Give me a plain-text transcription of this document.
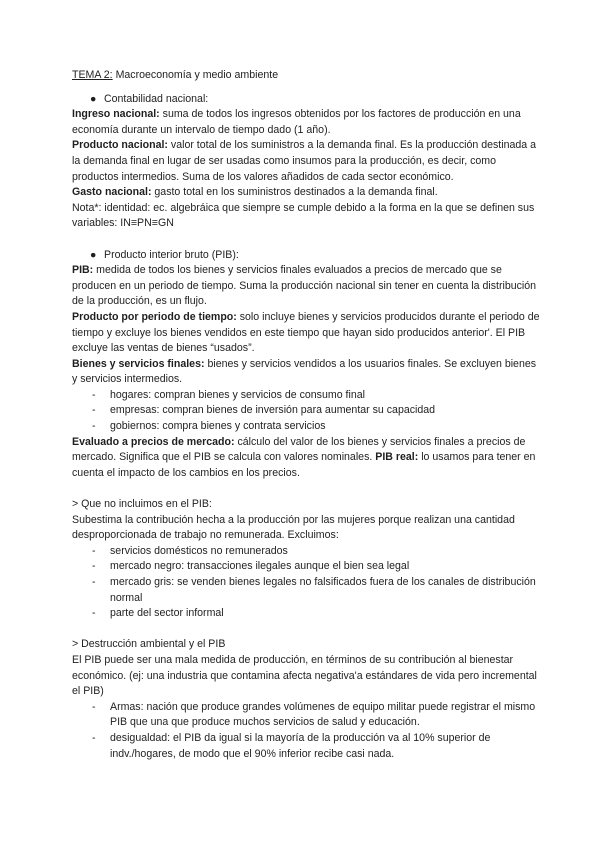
TEMA 2: Macroeconomía y medio ambiente

● Contabilidad nacional:

Ingreso nacional: suma de todos los ingresos obtenidos por los factores de producción en una economía durante un intervalo de tiempo dado (1 año).

Producto nacional: valor total de los suministros a la demanda final. Es la producción destinada a la demanda final en lugar de ser usadas como insumos para la producción, es decir, como productos intermedios. Suma de los valores añadidos de cada sector económico.

Gasto nacional: gasto total en los suministros destinados a la demanda final.

Nota*: identidad: ec. algebráica que siempre se cumple debido a la forma en la que se definen sus variables: IN≡PN≡GN

● Producto interior bruto (PIB):

PIB: medida de todos los bienes y servicios finales evaluados a precios de mercado que se producen en un periodo de tiempo. Suma la producción nacional sin tener en cuenta la distribución de la producción, es un flujo.

Producto por periodo de tiempo: solo incluye bienes y servicios producidos durante el periodo de tiempo y excluye los bienes vendidos en este tiempo que hayan sido producidos anterior'. El PIB excluye las ventas de bienes “usados”.

Bienes y servicios finales: bienes y servicios vendidos a los usuarios finales. Se excluyen bienes y servicios intermedios.

- hogares: compran bienes y servicios de consumo final
- empresas: compran bienes de inversión para aumentar su capacidad
- gobiernos: compra bienes y contrata servicios

Evaluado a precios de mercado: cálculo del valor de los bienes y servicios finales a precios de mercado. Significa que el PIB se calcula con valores nominales. PIB real: lo usamos para tener en cuenta el impacto de los cambios en los precios.

> Que no incluimos en el PIB:

Subestima la contribución hecha a la producción por las mujeres porque realizan una cantidad desproporcionada de trabajo no remunerada. Excluimos:

- servicios domésticos no remunerados
- mercado negro: transacciones ilegales aunque el bien sea legal
- mercado gris: se venden bienes legales no falsificados fuera de los canales de distribución normal
- parte del sector informal

> Destrucción ambiental y el PIB

El PIB puede ser una mala medida de producción, en términos de su contribución al bienestar económico. (ej: una industria que contamina afecta negativa'a estándares de vida pero incremental el PIB)

- Armas: nación que produce grandes volúmenes de equipo militar puede registrar el mismo PIB que una que produce muchos servicios de salud y educación.
- desigualdad: el PIB da igual si la mayoría de la producción va al 10% superior de indv./hogares, de modo que el 90% inferior recibe casi nada.
